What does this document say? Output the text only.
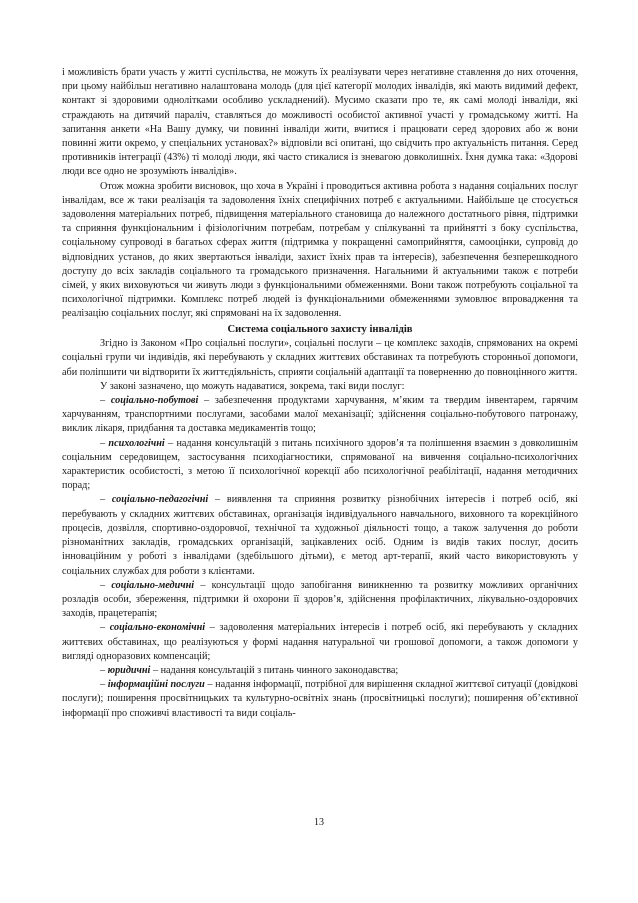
і можливість брати участь у житті суспільства, не можуть їх реалізувати через негативне ставлення до них оточення, при цьому найбільш негативно налаштована молодь (для цієї категорії молодих інвалідів, які мають видимий дефект, контакт зі здоровими однолітками особливо ускладнений). Мусимо сказати про те, як самі молоді інваліди, які страждають на дитячий параліч, ставляться до можливості особистої активної участі у громадському житті. На запитання анкети «На Вашу думку, чи повинні інваліди жити, вчитися і працювати серед здорових або ж вони повинні жити окремо, у спеціальних установах?» відповіли всі опитані, що свідчить про актуальність питання. Серед противників інтеграції (43%) ті молоді люди, які часто стикалися із зневагою довколишніх. Їхня думка така: «Здорові люди все одно не зрозуміють інвалідів».

Отож можна зробити висновок, що хоча в Україні і проводиться активна робота з надання соціальних послуг інвалідам, все ж таки реалізація та задоволення їхніх специфічних потреб є актуальними. Найбільше це стосується задоволення матеріальних потреб, підвищення матеріального становища до належного достатнього рівня, підтримки та сприяння функціональним і фізіологічним потребам, потребам у спілкуванні та прийнятті з боку суспільства, соціальному супроводі в багатьох сферах життя (підтримка у покращенні самоприйняття, самооцінки, супровід до відповідних установ, до яких звертаються інваліди, захист їхніх прав та інтересів), забезпечення безперешкодного доступу до всіх закладів соціального та громадського призначення. Нагальними й актуальними також є потреби сімей, у яких виховуються чи живуть люди з функціональними обмеженнями. Вони також потребують соціальної та психологічної підтримки. Комплекс потреб людей із функціональними обмеженнями зумовлює впровадження та реалізацію соціальних послуг, які спрямовані на їх задоволення.

Система соціального захисту інвалідів

Згідно із Законом «Про соціальні послуги», соціальні послуги – це комплекс заходів, спрямованих на окремі соціальні групи чи індивідів, які перебувають у складних життєвих обставинах та потребують сторонньої допомоги, аби поліпшити чи відтворити їх життєдіяльність, сприяти соціальній адаптації та поверненню до повноцінного життя.

У законі зазначено, що можуть надаватися, зокрема, такі види послуг:

– соціально-побутові – забезпечення продуктами харчування, м’яким та твердим інвентарем, гарячим харчуванням, транспортними послугами, засобами малої механізації; здійснення соціально-побутового патронажу, виклик лікаря, придбання та доставка медикаментів тощо;

– психологічні – надання консультацій з питань психічного здоров’я та поліпшення взаємин з довколишнім соціальним середовищем, застосування психодіагностики, спрямованої на вивчення соціально-психологічних характеристик особистості, з метою її психологічної корекції або психологічної реабілітації, надання методичних порад;

– соціально-педагогічні – виявлення та сприяння розвитку різнобічних інтересів і потреб осіб, які перебувають у складних життєвих обставинах, організація індивідуального навчального, виховного та корекційного процесів, дозвілля, спортивно-оздоровчої, технічної та художньої діяльності тощо, а також залучення до роботи різноманітних закладів, громадських організацій, зацікавлених осіб. Одним із видів таких послуг, досить інноваційним у роботі з інвалідами (здебільшого дітьми), є метод арт-терапії, який часто використовують у соціальних службах для роботи з клієнтами.

– соціально-медичні – консультації щодо запобігання виникненню та розвитку можливих органічних розладів особи, збереження, підтримки й охорони її здоров’я, здійснення профілактичних, лікувально-оздоровчих заходів, працетерапія;

– соціально-економічні – задоволення матеріальних інтересів і потреб осіб, які перебувають у складних життєвих обставинах, що реалізуються у формі надання натуральної чи грошової допомоги, а також допомоги у вигляді одноразових компенсацій;

– юридичні – надання консультацій з питань чинного законодавства;

– інформаційні послуги – надання інформації, потрібної для вирішення складної життєвої ситуації (довідкові послуги); поширення просвітницьких та культурно-освітніх знань (просвітницькі послуги); поширення об’єктивної інформації про споживчі властивості та види соціаль-

13
